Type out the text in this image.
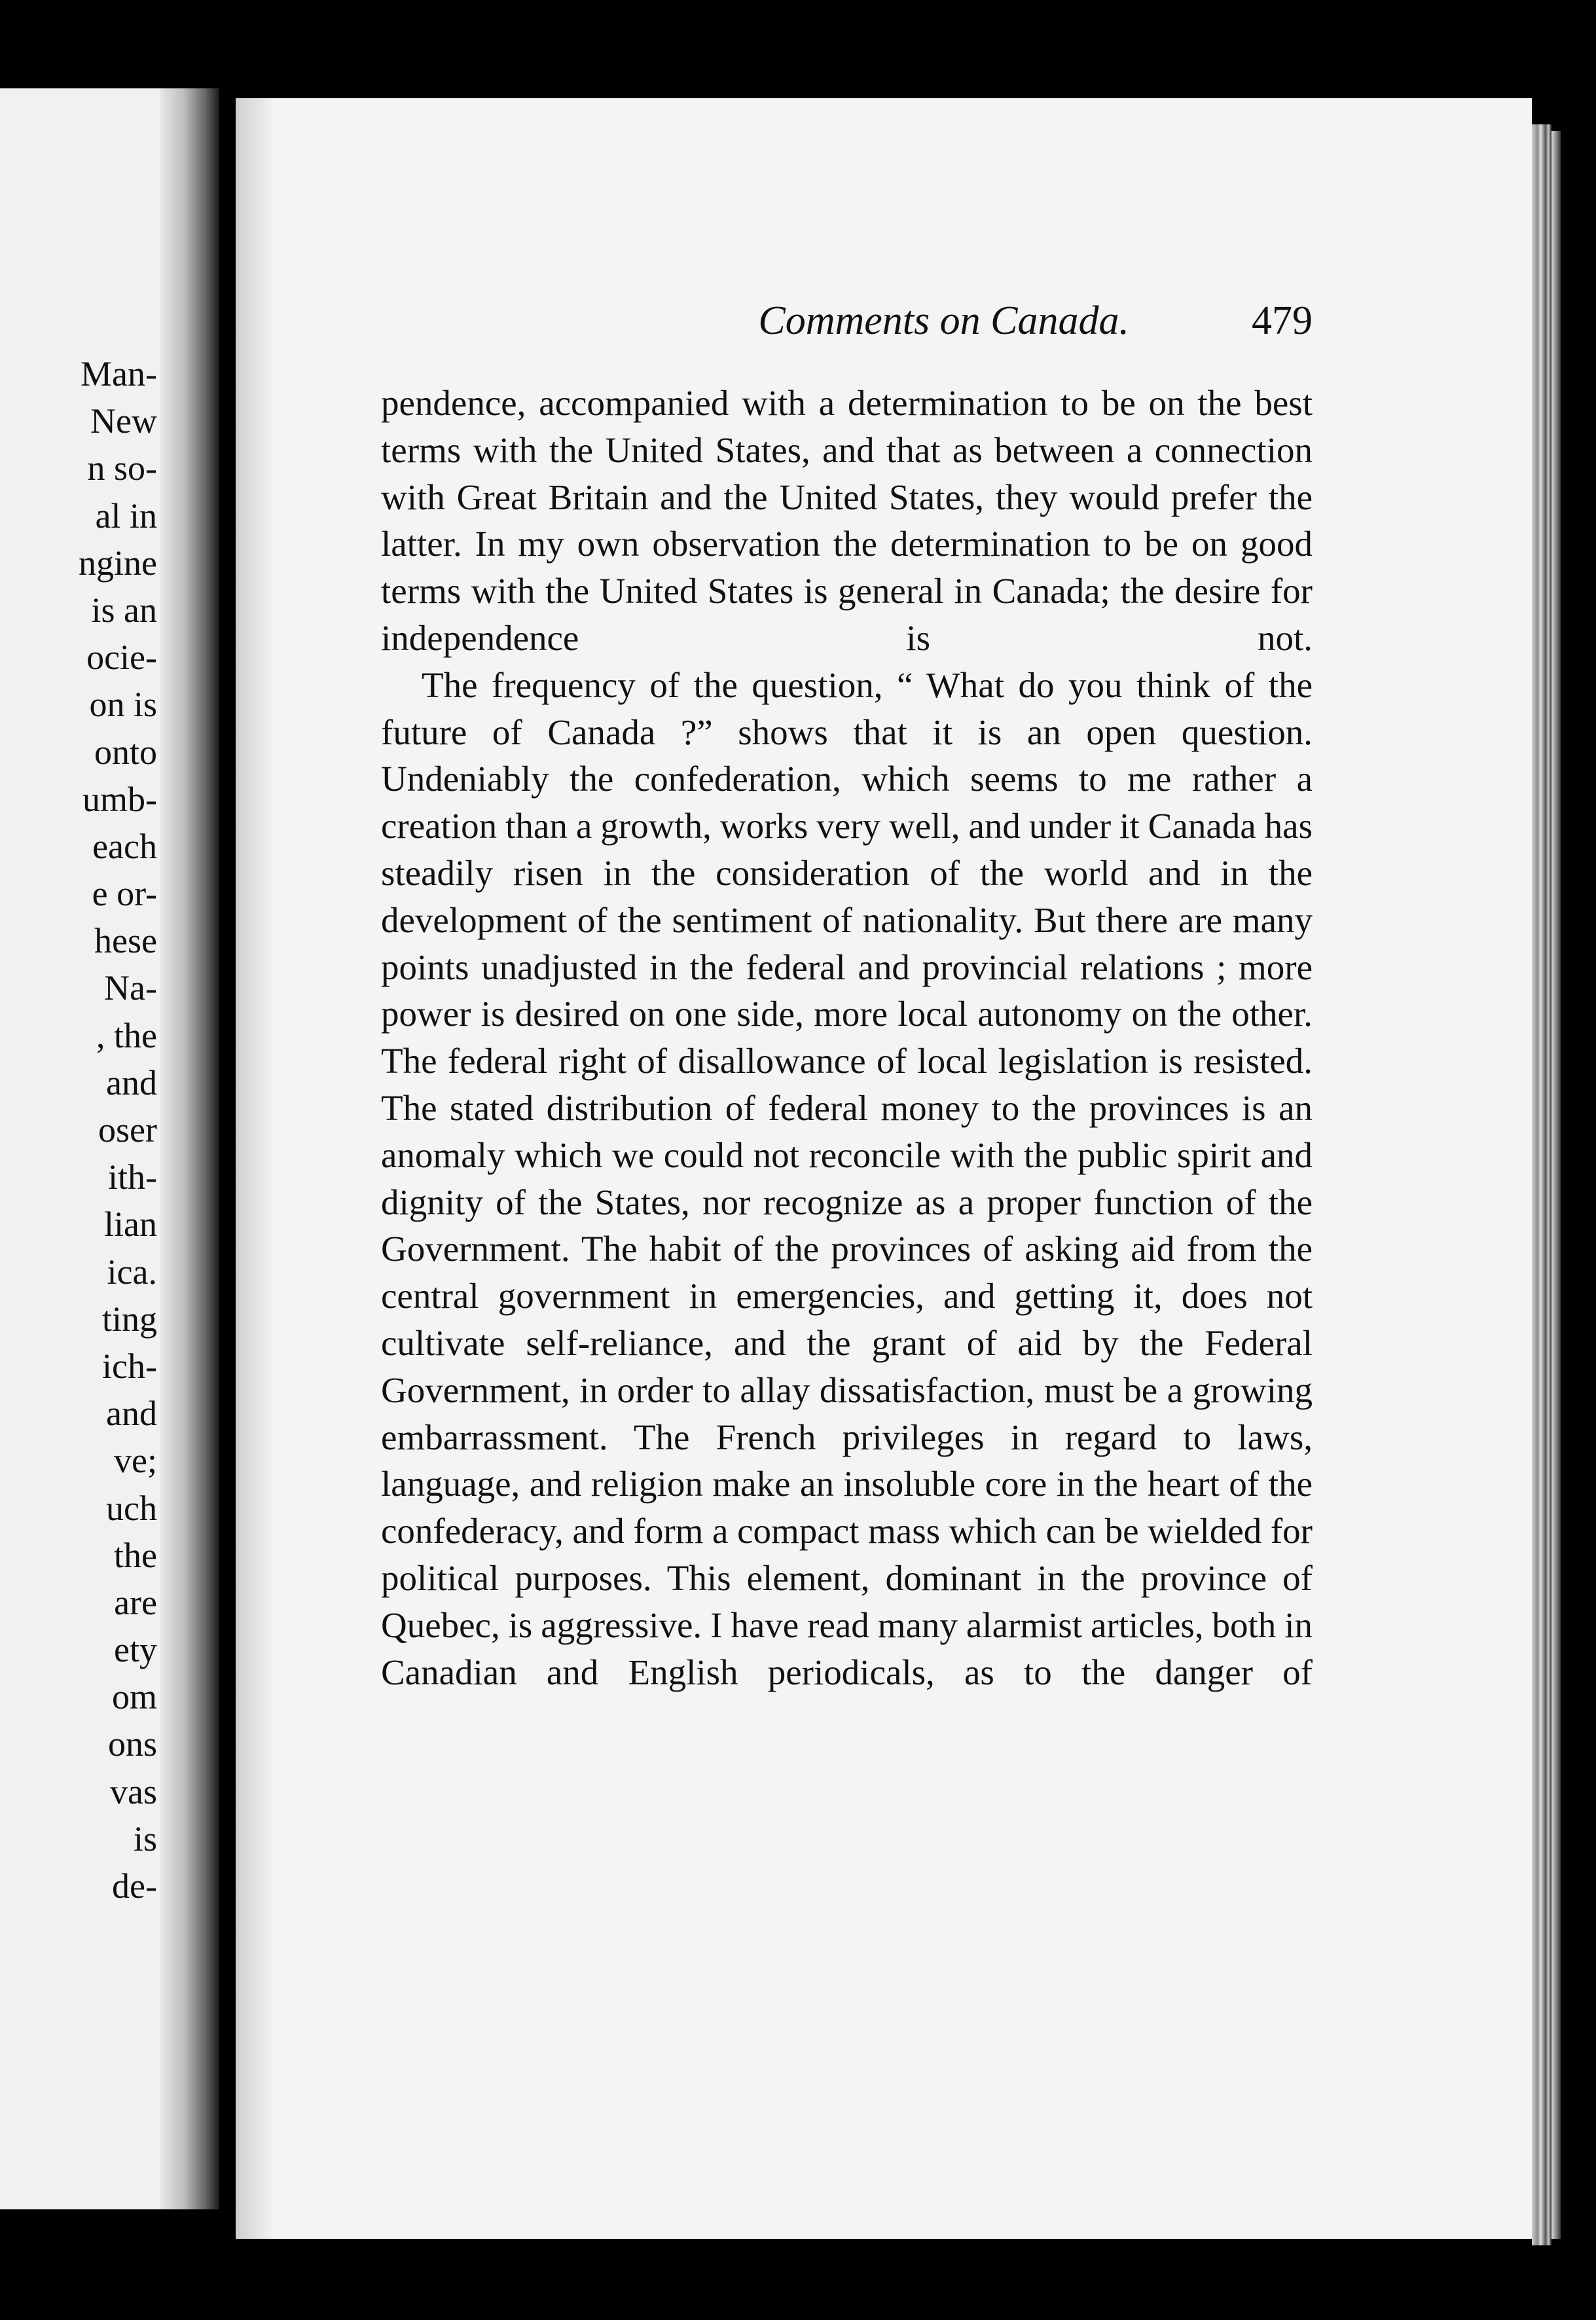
Man-
New
n so-
al in
ngine
is an
ocie-
on is
onto
umb-
each
e or-
hese
Na-
, the
and
oser
ith-
lian
ica.
ting
ich-
and
ve;
uch
the
are
ety
om
ons
vas
is
de-
Comments on Canada.	479

pendence, accompanied with a determination to be on the best terms with the United States, and that as between a connection with Great Britain and the United States, they would prefer the latter. In my own observation the determination to be on good terms with the United States is general in Canada; the desire for independence is not.

The frequency of the question, “ What do you think of the future of Canada ?” shows that it is an open question. Undeniably the confederation, which seems to me rather a creation than a growth, works very well, and under it Canada has steadily risen in the consideration of the world and in the development of the sentiment of nationality. But there are many points unadjusted in the federal and provincial relations ; more power is desired on one side, more local autonomy on the other. The federal right of disallowance of local legislation is resisted. The stated distribution of federal money to the provinces is an anomaly which we could not reconcile with the public spirit and dignity of the States, nor recognize as a proper function of the Government. The habit of the provinces of asking aid from the central government in emergencies, and getting it, does not cultivate self-reliance, and the grant of aid by the Federal Government, in order to allay dissatisfaction, must be a growing embarrassment. The French privileges in regard to laws, language, and religion make an insoluble core in the heart of the confederacy, and form a compact mass which can be wielded for political purposes. This element, dominant in the province of Quebec, is aggressive. I have read many alarmist articles, both in Canadian and English periodicals, as to the danger of
